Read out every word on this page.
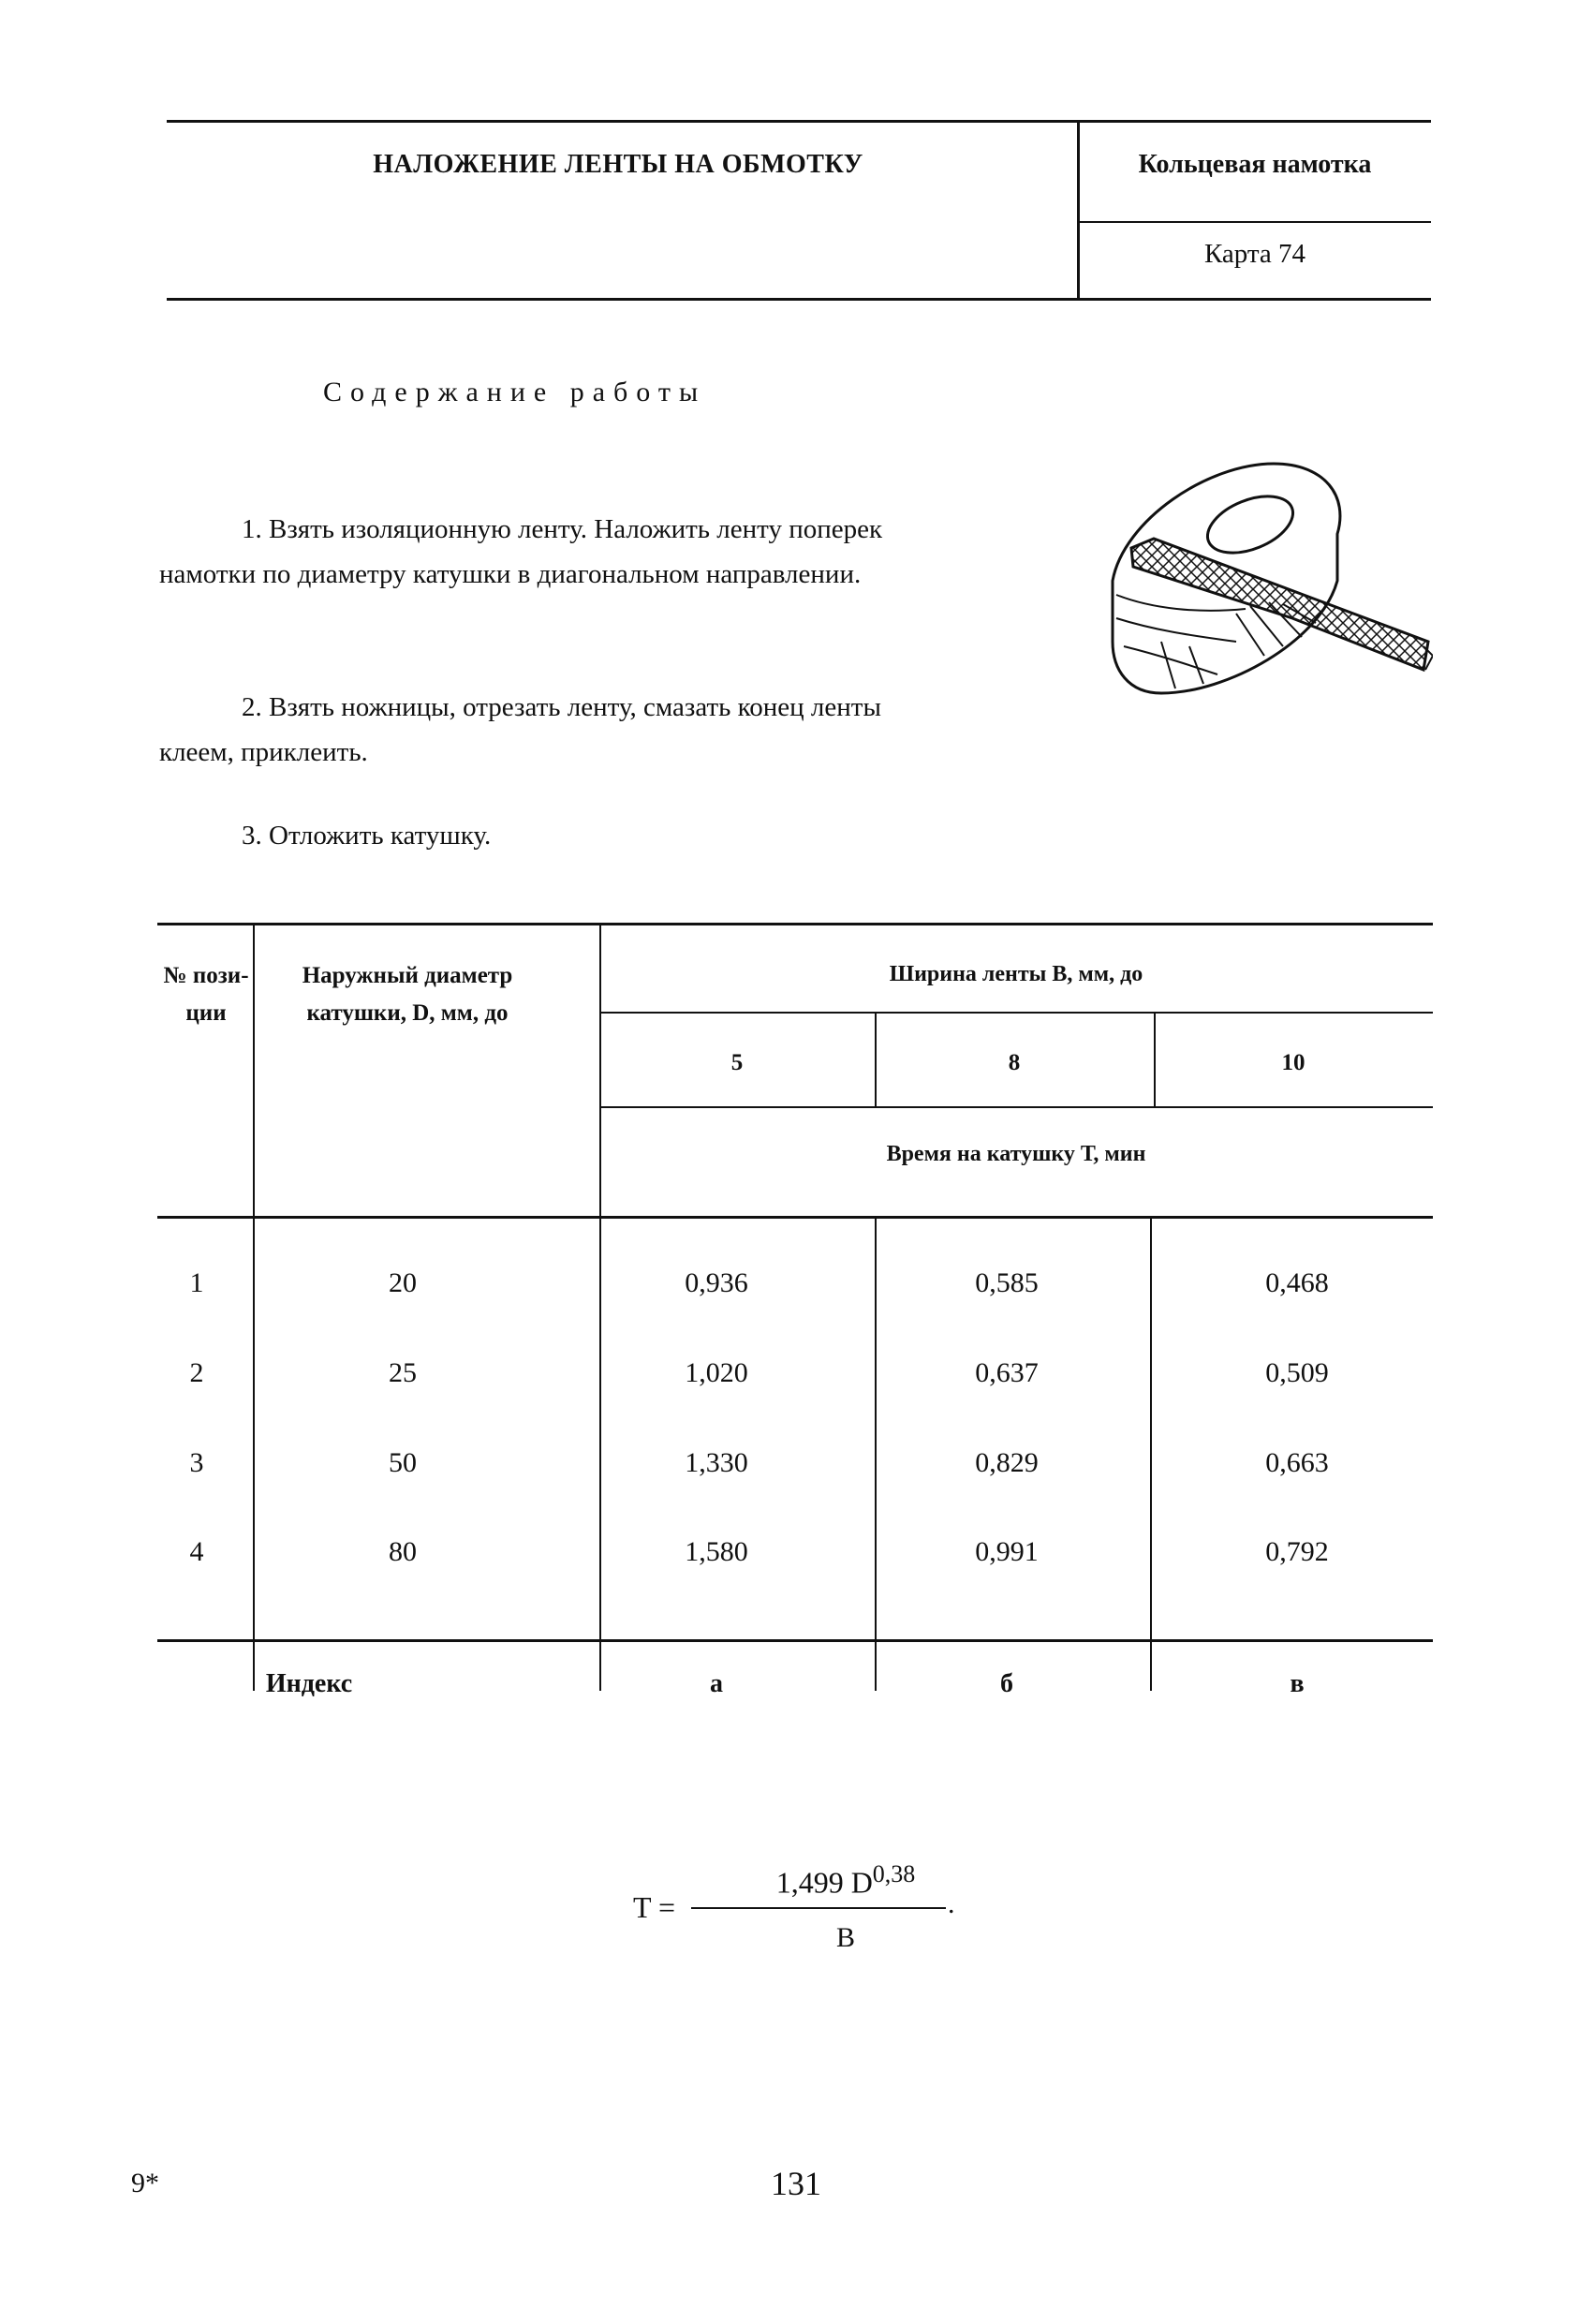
НАЛОЖЕНИЕ ЛЕНТЫ НА ОБМОТКУ	Кольцевая намотка
Карта 74
Содержание работы
1. Взять изоляционную ленту. Наложить ленту поперек намотки по диаметру катушки в диагональном направлении.
2. Взять ножницы, отрезать ленту, смазать конец ленты клеем, приклеить.
3. Отложить катушку.
№ пози- ции
Наружный диаметр катушки, D, мм, до
Ширина ленты В, мм, до
5	8	10
Время на катушку Т, мин
1	20	0,936	0,585	0,468
2	25	1,020	0,637	0,509
3	50	1,330	0,829	0,663
4	80	1,580	0,991	0,792
Индекс	а	б	в
T =
1,499 D$^{0,38}$
.
В
9*	131
